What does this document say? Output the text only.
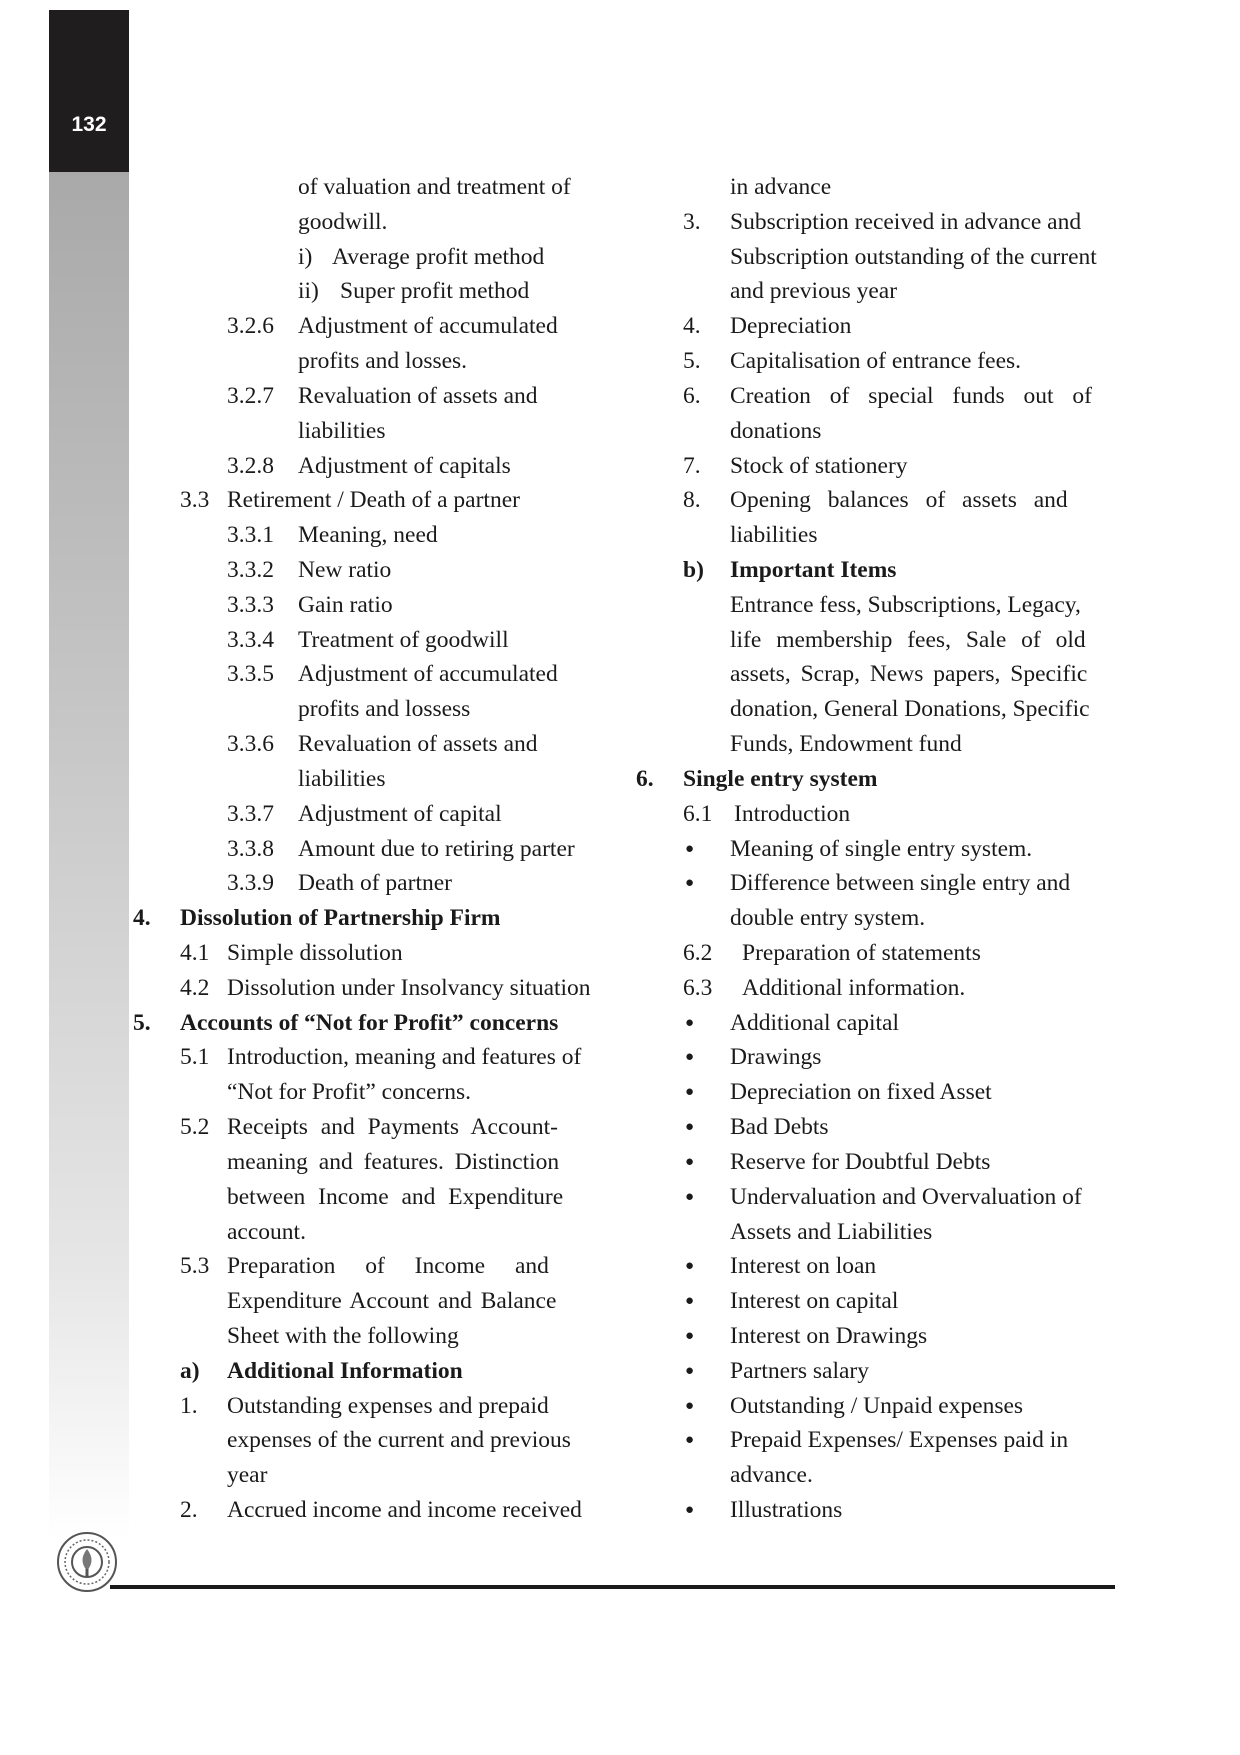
132
of valuation and treatment of
goodwill.
i) Average profit method
ii) Super profit method
3.2.6 Adjustment of accumulated
profits and losses.
3.2.7 Revaluation of assets and
liabilities
3.2.8 Adjustment of capitals
3.3 Retirement / Death of a partner
3.3.1 Meaning, need
3.3.2 New ratio
3.3.3 Gain ratio
3.3.4 Treatment of goodwill
3.3.5 Adjustment of accumulated
profits and lossess
3.3.6 Revaluation of assets and
liabilities
3.3.7 Adjustment of capital
3.3.8 Amount due to retiring parter
3.3.9 Death of partner
4. Dissolution of Partnership Firm
4.1 Simple dissolution
4.2 Dissolution under Insolvancy situation
5. Accounts of “Not for Profit” concerns
5.1 Introduction, meaning and features of
“Not for Profit” concerns.
5.2 Receipts and Payments Account-
meaning and features. Distinction
between Income and Expenditure
account.
5.3 Preparation of Income and
Expenditure Account and Balance
Sheet with the following
a) Additional Information
1. Outstanding expenses and prepaid
expenses of the current and previous
year
2. Accrued income and income received
in advance
3. Subscription received in advance and
Subscription outstanding of the current
and previous year
4. Depreciation
5. Capitalisation of entrance fees.
6. Creation of special funds out of
donations
7. Stock of stationery
8. Opening balances of assets and
liabilities
b) Important Items
Entrance fess, Subscriptions, Legacy,
life membership fees, Sale of old
assets, Scrap, News papers, Specific
donation, General Donations, Specific
Funds, Endowment fund
6. Single entry system
6.1 Introduction
● Meaning of single entry system.
● Difference between single entry and
double entry system.
6.2 Preparation of statements
6.3 Additional information.
● Additional capital
● Drawings
● Depreciation on fixed Asset
● Bad Debts
● Reserve for Doubtful Debts
● Undervaluation and Overvaluation of
Assets and Liabilities
● Interest on loan
● Interest on capital
● Interest on Drawings
● Partners salary
● Outstanding / Unpaid expenses
● Prepaid Expenses/ Expenses paid in
advance.
● Illustrations
